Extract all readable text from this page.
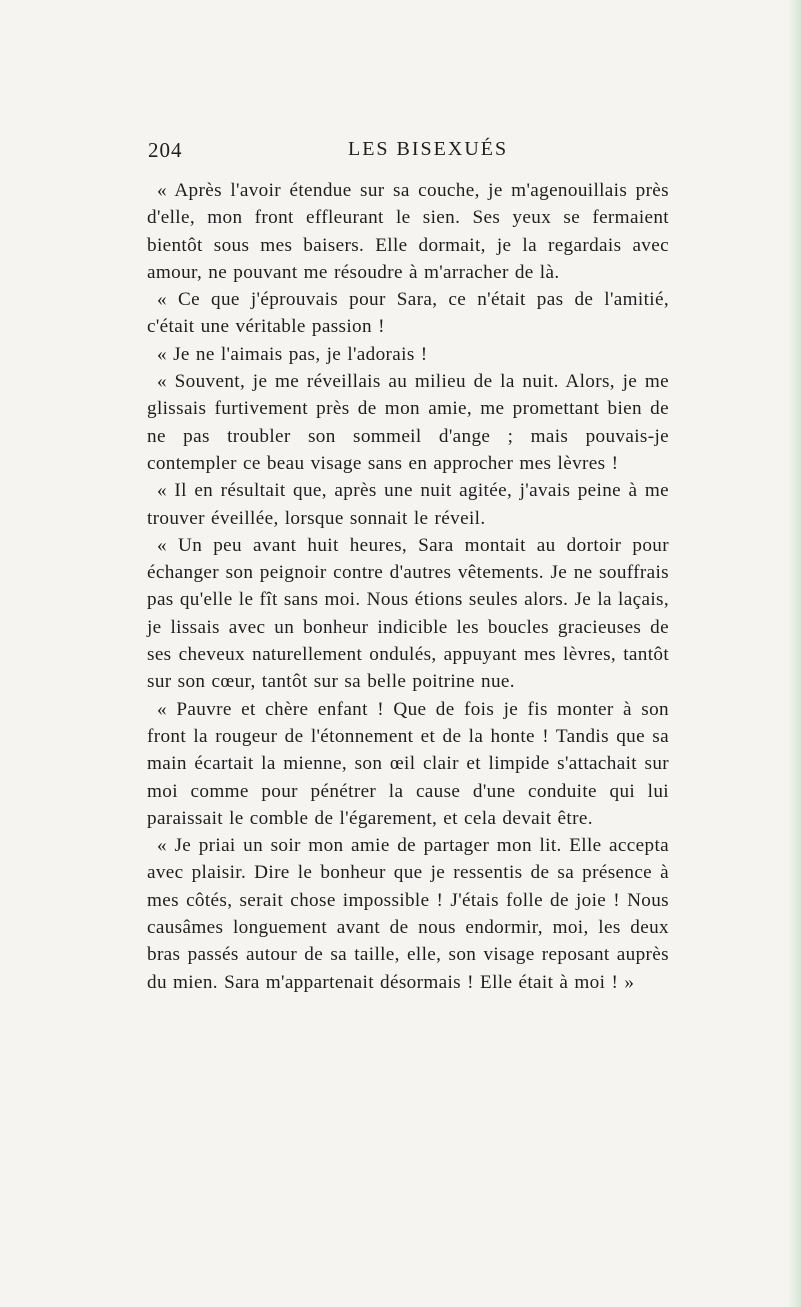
204	LES BISEXUÉS

« Après l'avoir étendue sur sa couche, je m'agenouillais près d'elle, mon front effleurant le sien. Ses yeux se fermaient bientôt sous mes baisers. Elle dormait, je la regardais avec amour, ne pouvant me résoudre à m'arracher de là.

« Ce que j'éprouvais pour Sara, ce n'était pas de l'amitié, c'était une véritable passion !

« Je ne l'aimais pas, je l'adorais !

« Souvent, je me réveillais au milieu de la nuit. Alors, je me glissais furtivement près de mon amie, me promettant bien de ne pas troubler son sommeil d'ange ; mais pouvais-je contempler ce beau visage sans en approcher mes lèvres !

« Il en résultait que, après une nuit agitée, j'avais peine à me trouver éveillée, lorsque sonnait le réveil.

« Un peu avant huit heures, Sara montait au dortoir pour échanger son peignoir contre d'autres vêtements. Je ne souffrais pas qu'elle le fît sans moi. Nous étions seules alors. Je la laçais, je lissais avec un bonheur indicible les boucles gracieuses de ses cheveux naturellement ondulés, appuyant mes lèvres, tantôt sur son cœur, tantôt sur sa belle poitrine nue.

« Pauvre et chère enfant ! Que de fois je fis monter à son front la rougeur de l'étonnement et de la honte ! Tandis que sa main écartait la mienne, son œil clair et limpide s'attachait sur moi comme pour pénétrer la cause d'une conduite qui lui paraissait le comble de l'égarement, et cela devait être.

« Je priai un soir mon amie de partager mon lit. Elle accepta avec plaisir. Dire le bonheur que je ressentis de sa présence à mes côtés, serait chose impossible ! J'étais folle de joie ! Nous causâmes longuement avant de nous endormir, moi, les deux bras passés autour de sa taille, elle, son visage reposant auprès du mien. Sara m'appartenait désormais ! Elle était à moi ! »
